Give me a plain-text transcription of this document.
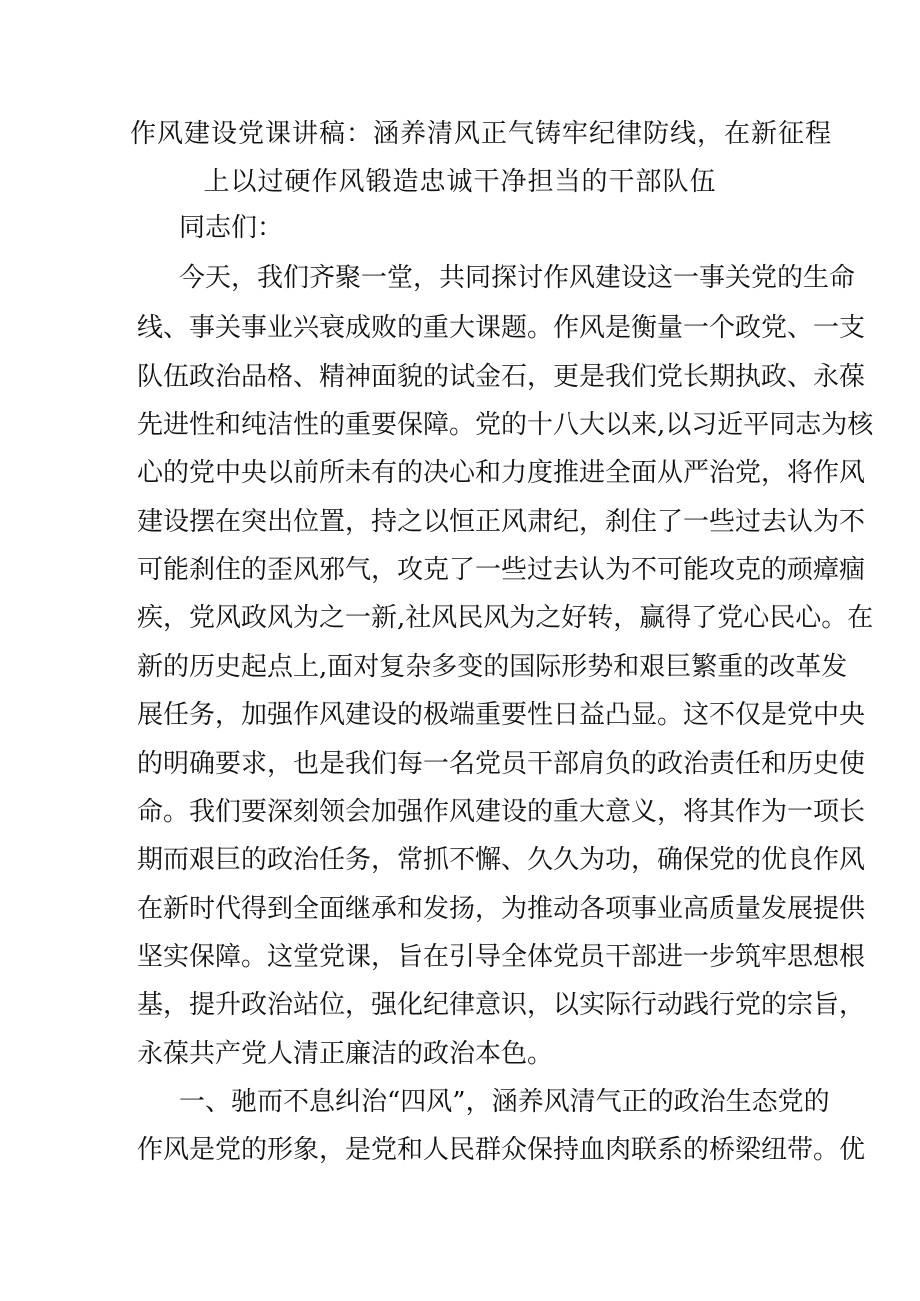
作风建设党课讲稿：涵养清风正气铸牢纪律防线，在新征程
上以过硬作风锻造忠诚干净担当的干部队伍
同志们：
今天，我们齐聚一堂，共同探讨作风建设这一事关党的生命
线、事关事业兴衰成败的重大课题。作风是衡量一个政党、一支
队伍政治品格、精神面貌的试金石，更是我们党长期执政、永葆
先进性和纯洁性的重要保障。党的十八大以来,以习近平同志为核
心的党中央以前所未有的决心和力度推进全面从严治党，将作风
建设摆在突出位置，持之以恒正风肃纪，刹住了一些过去认为不
可能刹住的歪风邪气，攻克了一些过去认为不可能攻克的顽瘴痼
疾，党风政风为之一新,社风民风为之好转，赢得了党心民心。在
新的历史起点上,面对复杂多变的国际形势和艰巨繁重的改革发
展任务，加强作风建设的极端重要性日益凸显。这不仅是党中央
的明确要求，也是我们每一名党员干部肩负的政治责任和历史使
命。我们要深刻领会加强作风建设的重大意义，将其作为一项长
期而艰巨的政治任务，常抓不懈、久久为功，确保党的优良作风
在新时代得到全面继承和发扬，为推动各项事业高质量发展提供
坚实保障。这堂党课，旨在引导全体党员干部进一步筑牢思想根
基，提升政治站位，强化纪律意识，以实际行动践行党的宗旨，
永葆共产党人清正廉洁的政治本色。
一、驰而不息纠治“四风”，涵养风清气正的政治生态党的
作风是党的形象，是党和人民群众保持血肉联系的桥梁纽带。优
